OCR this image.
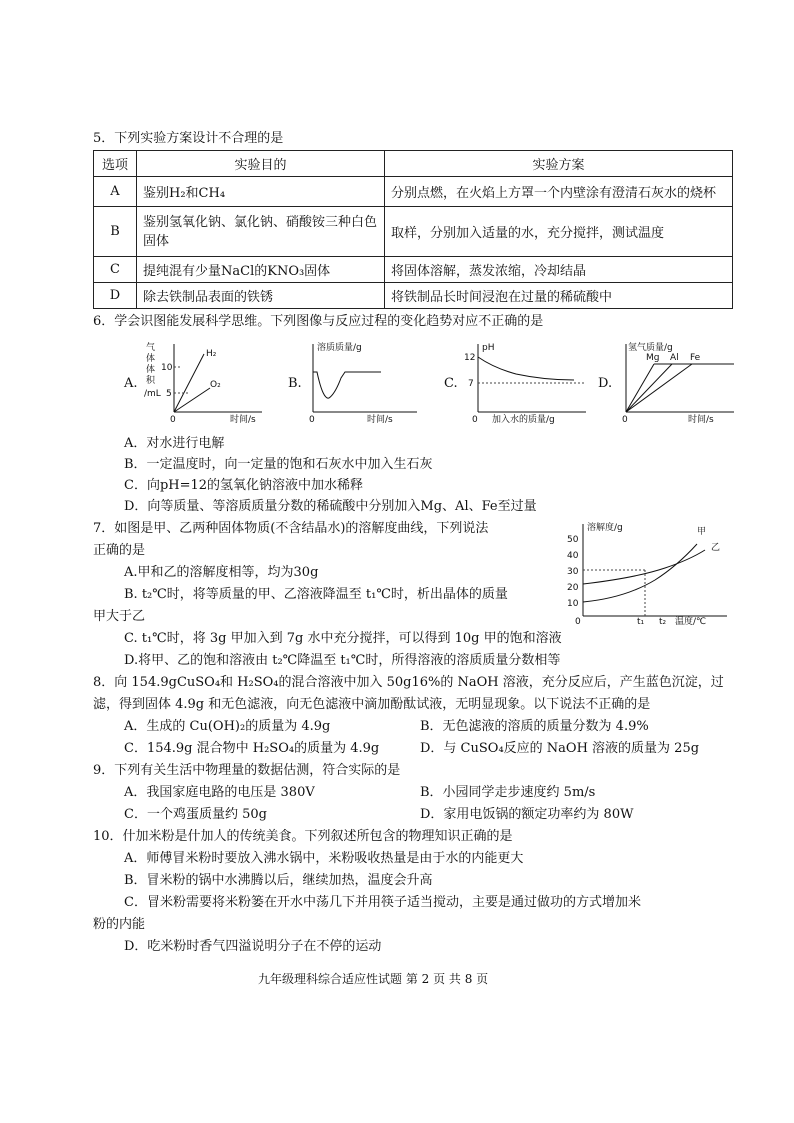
5．下列实验方案设计不合理的是
选项	实验目的	实验方案
A	鉴别H₂和CH₄	分别点燃，在火焰上方罩一个内壁涂有澄清石灰水的烧杯
B	鉴别氢氧化钠、氯化钠、硝酸铵三种白色固体	取样，分别加入适量的水，充分搅拌，测试温度
C	提纯混有少量NaCl的KNO₃固体	将固体溶解，蒸发浓缩，冷却结晶
D	除去铁制品表面的铁锈	将铁制品长时间浸泡在过量的稀硫酸中
6．学会识图能发展科学思维。下列图像与反应过程的变化趋势对应不正确的是
A.
气
体
体
积
/mL
10
5
0	时间/s
H₂
O₂	B.
溶质质量/g
0	时间/s
C.
pH
12
7
0 加入水的质量/g
D.
氢气质量/g
0	时间/s
Mg Al Fe
A．对水进行电解
B．一定温度时，向一定量的饱和石灰水中加入生石灰
C．向pH=12的氢氧化钠溶液中加水稀释
D．向等质量、等溶质质量分数的稀硫酸中分别加入Mg、Al、Fe至过量
7．如图是甲、乙两种固体物质(不含结晶水)的溶解度曲线，下列说法
正确的是
A.甲和乙的溶解度相等，均为30g
B. t₂℃时，将等质量的甲、乙溶液降温至 t₁℃时，析出晶体的质量
甲大于乙
C. t₁℃时，将 3g 甲加入到 7g 水中充分搅拌，可以得到 10g 甲的饱和溶液
D.将甲、乙的饱和溶液由 t₂℃降温至 t₁℃时，所得溶液的溶质质量分数相等
溶解度/g
50
40
30
20
10
0	t₁ t₂ 温度/℃
甲
乙
8．向 154.9gCuSO₄和 H₂SO₄的混合溶液中加入 50g16%的 NaOH 溶液，充分反应后，产生蓝色沉淀，过
滤，得到固体 4.9g 和无色滤液，向无色滤液中滴加酚酞试液，无明显现象。以下说法不正确的是
A．生成的 Cu(OH)₂的质量为 4.9g	B．无色滤液的溶质的质量分数为 4.9%
C．154.9g 混合物中 H₂SO₄的质量为 4.9g	D．与 CuSO₄反应的 NaOH 溶液的质量为 25g
9．下列有关生活中物理量的数据估测，符合实际的是
A．我国家庭电路的电压是 380V	B．小园同学走步速度约 5m/s
C．一个鸡蛋质量约 50g	D．家用电饭锅的额定功率约为 80W
10．什加米粉是什加人的传统美食。下列叙述所包含的物理知识正确的是
A．师傅冒米粉时要放入沸水锅中，米粉吸收热量是由于水的内能更大
B．冒米粉的锅中水沸腾以后，继续加热，温度会升高
C．冒米粉需要将米粉篓在开水中荡几下并用筷子适当搅动，主要是通过做功的方式增加米
粉的内能
D．吃米粉时香气四溢说明分子在不停的运动
九年级理科综合适应性试题 第 2 页 共 8 页
